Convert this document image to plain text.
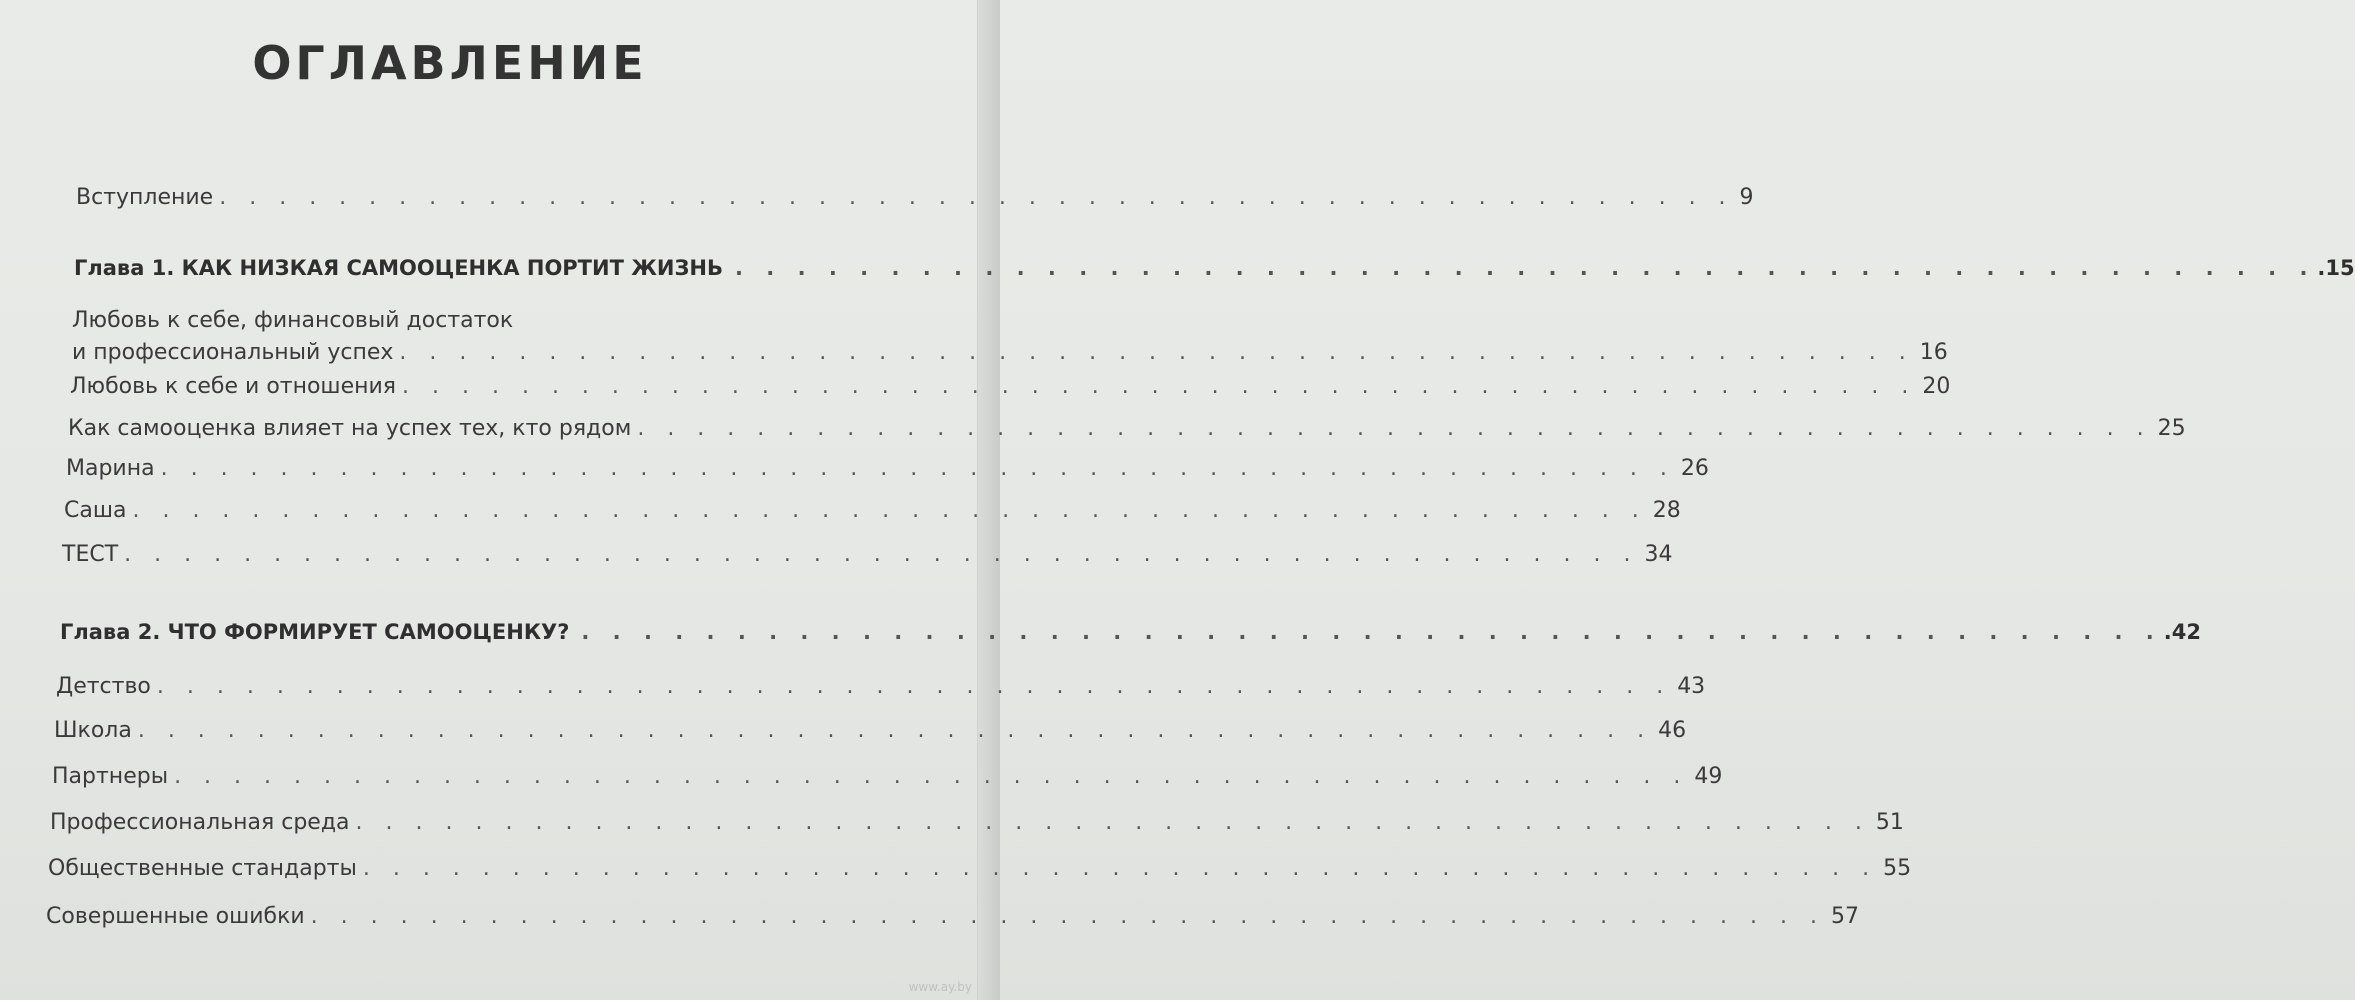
ОГЛАВЛЕНИЕ
Вступление . . . . . . . . . . . . . . . . . . . . . . . . . . . . . . . . . . . . . . . . . . . . . . . . . . . 9
Глава 1. КАК НИЗКАЯ САМООЦЕНКА ПОРТИТ ЖИЗНЬ . . . . . . . . . . . . . . . . . . . . . . . . . . . . . . . . . . . . . . . . . . . . . . . . . . . .15
Любовь к себе, финансовый достаток
и профессиональный успех . . . . . . . . . . . . . . . . . . . . . . . . . . . . . . . . . . . . . . . . . . . . . . . . . . . 16
Любовь к себе и отношения . . . . . . . . . . . . . . . . . . . . . . . . . . . . . . . . . . . . . . . . . . . . . . . . . . . 20
Как самооценка влияет на успех тех, кто рядом . . . . . . . . . . . . . . . . . . . . . . . . . . . . . . . . . . . . . . . . . . . . . . . . . . . 25
Марина . . . . . . . . . . . . . . . . . . . . . . . . . . . . . . . . . . . . . . . . . . . . . . . . . . . 26
Саша . . . . . . . . . . . . . . . . . . . . . . . . . . . . . . . . . . . . . . . . . . . . . . . . . . . 28
ТЕСТ . . . . . . . . . . . . . . . . . . . . . . . . . . . . . . . . . . . . . . . . . . . . . . . . . . . 34
Глава 2. ЧТО ФОРМИРУЕТ САМООЦЕНКУ? . . . . . . . . . . . . . . . . . . . . . . . . . . . . . . . . . . . . . . . . . . . . . . . . . . . .42
Детство . . . . . . . . . . . . . . . . . . . . . . . . . . . . . . . . . . . . . . . . . . . . . . . . . . . 43
Школа . . . . . . . . . . . . . . . . . . . . . . . . . . . . . . . . . . . . . . . . . . . . . . . . . . . 46
Партнеры . . . . . . . . . . . . . . . . . . . . . . . . . . . . . . . . . . . . . . . . . . . . . . . . . . . 49
Профессиональная среда . . . . . . . . . . . . . . . . . . . . . . . . . . . . . . . . . . . . . . . . . . . . . . . . . . . 51
Общественные стандарты . . . . . . . . . . . . . . . . . . . . . . . . . . . . . . . . . . . . . . . . . . . . . . . . . . . 55
Совершенные ошибки . . . . . . . . . . . . . . . . . . . . . . . . . . . . . . . . . . . . . . . . . . . . . . . . . . . 57
www.ay.by
